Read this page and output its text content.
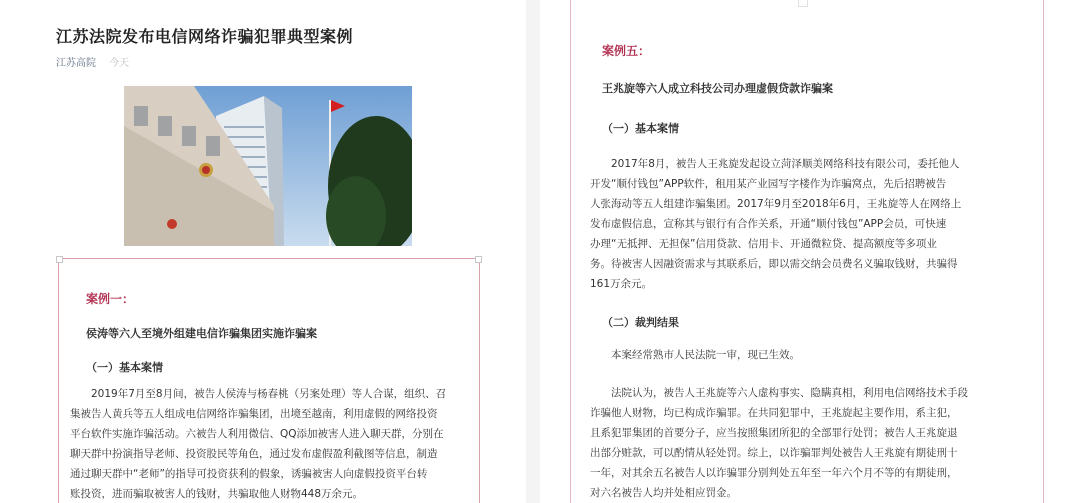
江苏法院发布电信网络诈骗犯罪典型案例
江苏高院 今天
案例一：
侯涛等六人至境外组建电信诈骗集团实施诈骗案
（一）基本案情
　　2019年7月至8月间，被告人侯涛与杨春桃（另案处理）等人合谋，组织、召
集被告人黄兵等五人组成电信网络诈骗集团，出境至越南，利用虚假的网络投资
平台软件实施诈骗活动。六被告人利用微信、QQ添加被害人进入聊天群，分别在
聊天群中扮演指导老师、投资股民等角色，通过发布虚假盈利截图等信息，制造
通过聊天群中“老师”的指导可投资获利的假象，诱骗被害人向虚假投资平台转
账投资，进而骗取被害人的钱财，共骗取他人财物448万余元。
案例五：
王兆旋等六人成立科技公司办理虚假贷款诈骗案
（一）基本案情
　　2017年8月，被告人王兆旋发起设立菏泽顺美网络科技有限公司，委托他人
开发“顺付钱包”APP软件，租用某产业园写字楼作为诈骗窝点，先后招聘被告
人张海动等五人组建诈骗集团。2017年9月至2018年6月，王兆旋等人在网络上
发布虚假信息，宣称其与银行有合作关系，开通“顺付钱包”APP会员，可快速
办理“无抵押、无担保”信用贷款、信用卡、开通微粒贷、提高额度等多项业
务。待被害人因融资需求与其联系后，即以需交纳会员费名义骗取钱财，共骗得
161万余元。
（二）裁判结果
　　本案经常熟市人民法院一审，现已生效。
　　法院认为，被告人王兆旋等六人虚构事实、隐瞒真相，利用电信网络技术手段
诈骗他人财物，均已构成诈骗罪。在共同犯罪中，王兆旋起主要作用，系主犯，
且系犯罪集团的首要分子，应当按照集团所犯的全部罪行处罚；被告人王兆旋退
出部分赃款，可以酌情从轻处罚。综上，以诈骗罪判处被告人王兆旋有期徒刑十
一年，对其余五名被告人以诈骗罪分别判处五年至一年六个月不等的有期徒刑，
对六名被告人均并处相应罚金。
